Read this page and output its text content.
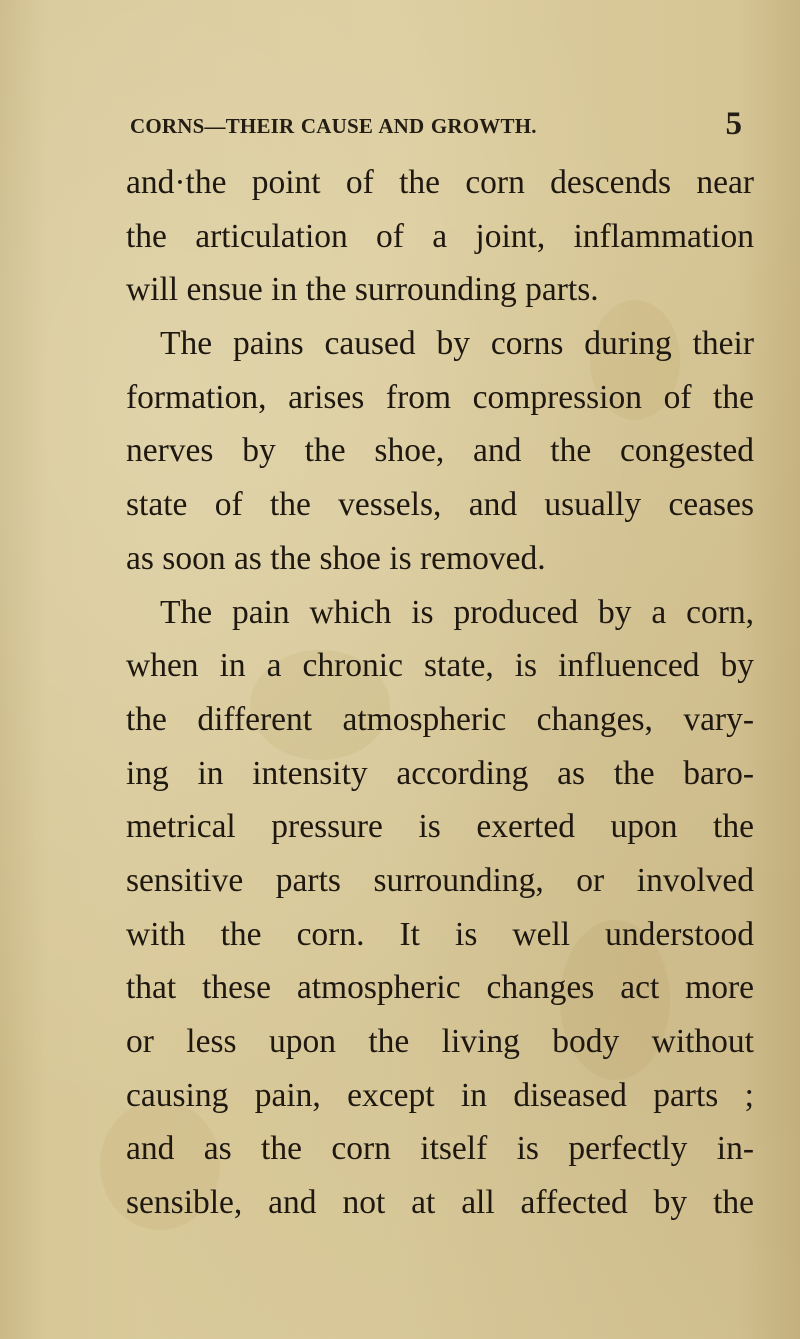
CORNS—THEIR CAUSE AND GROWTH.	5
and·the point of the corn descends near
the articulation of a joint, inflammation
will ensue in the surrounding parts.
The pains caused by corns during their
formation, arises from compression of the
nerves by the shoe, and the congested
state of the vessels, and usually ceases
as soon as the shoe is removed.
The pain which is produced by a corn,
when in a chronic state, is influenced by
the different atmospheric changes, vary-
ing in intensity according as the baro-
metrical pressure is exerted upon the
sensitive parts surrounding, or involved
with the corn. It is well understood
that these atmospheric changes act more
or less upon the living body without
causing pain, except in diseased parts ;
and as the corn itself is perfectly in-
sensible, and not at all affected by the
